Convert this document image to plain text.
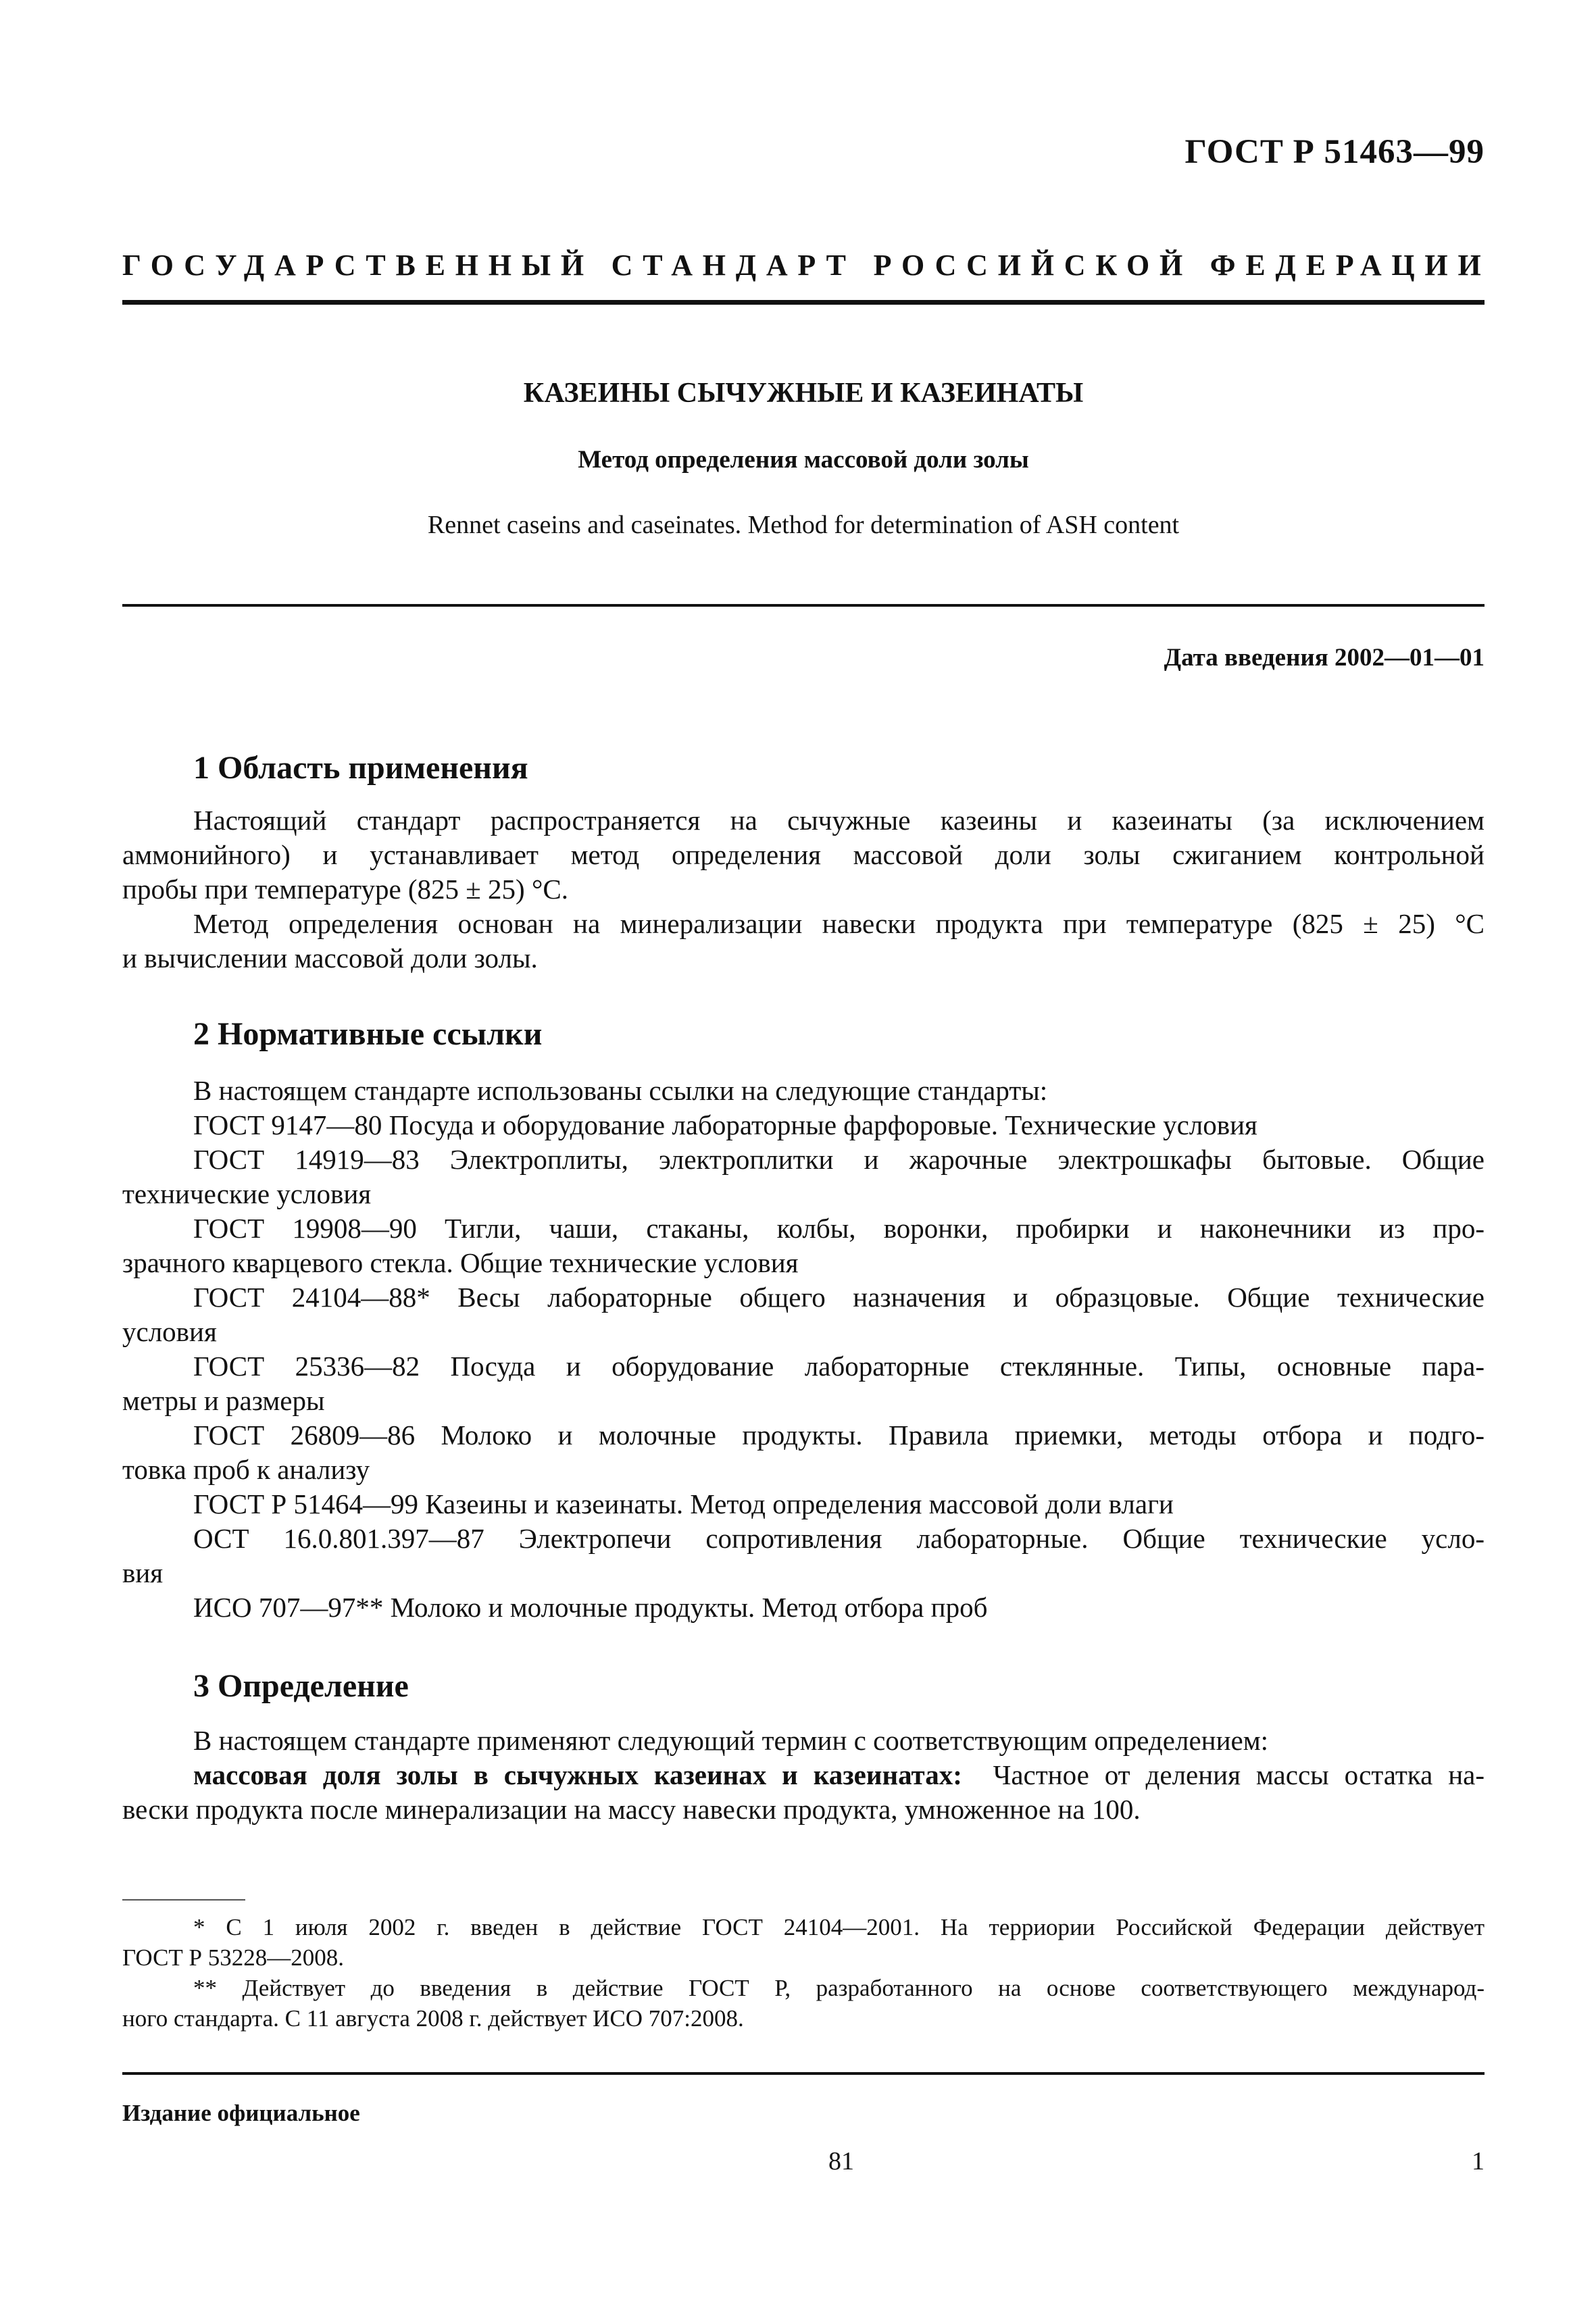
ГОСТ Р 51463—99
ГОСУДАРСТВЕННЫЙ СТАНДАРТ РОССИЙСКОЙ ФЕДЕРАЦИИ
КАЗЕИНЫ СЫЧУЖНЫЕ И КАЗЕИНАТЫ
Метод определения массовой доли золы
Rennet caseins and caseinates. Method for determination of ASH content
Дата введения 2002—01—01
1 Область применения
Настоящий стандарт распространяется на сычужные казеины и казеинаты (за исключением
аммонийного) и устанавливает метод определения массовой доли золы сжиганием контрольной
пробы при температуре (825 ± 25) °С.
Метод определения основан на минерализации навески продукта при температуре (825 ± 25) °С
и вычислении массовой доли золы.
2 Нормативные ссылки
В настоящем стандарте использованы ссылки на следующие стандарты:
ГОСТ 9147—80 Посуда и оборудование лабораторные фарфоровые. Технические условия
ГОСТ 14919—83 Электроплиты, электроплитки и жарочные электрошкафы бытовые. Общие
технические условия
ГОСТ 19908—90 Тигли, чаши, стаканы, колбы, воронки, пробирки и наконечники из про-
зрачного кварцевого стекла. Общие технические условия
ГОСТ 24104—88* Весы лабораторные общего назначения и образцовые. Общие технические
условия
ГОСТ 25336—82 Посуда и оборудование лабораторные стеклянные. Типы, основные пара-
метры и размеры
ГОСТ 26809—86 Молоко и молочные продукты. Правила приемки, методы отбора и подго-
товка проб к анализу
ГОСТ Р 51464—99 Казеины и казеинаты. Метод определения массовой доли влаги
ОСТ 16.0.801.397—87 Электропечи сопротивления лабораторные. Общие технические усло-
вия
ИСО 707—97** Молоко и молочные продукты. Метод отбора проб
3 Определение
В настоящем стандарте применяют следующий термин с соответствующим определением:
массовая доля золы в сычужных казеинах и казеинатах: Частное от деления массы остатка на-
вески продукта после минерализации на массу навески продукта, умноженное на 100.
* С 1 июля 2002 г. введен в действие ГОСТ 24104—2001. На терриории Российской Федерации действует
ГОСТ Р 53228—2008.
** Действует до введения в действие ГОСТ Р, разработанного на основе соответствующего международ-
ного стандарта. С 11 августа 2008 г. действует ИСО 707:2008.
Издание официальное
81	1
